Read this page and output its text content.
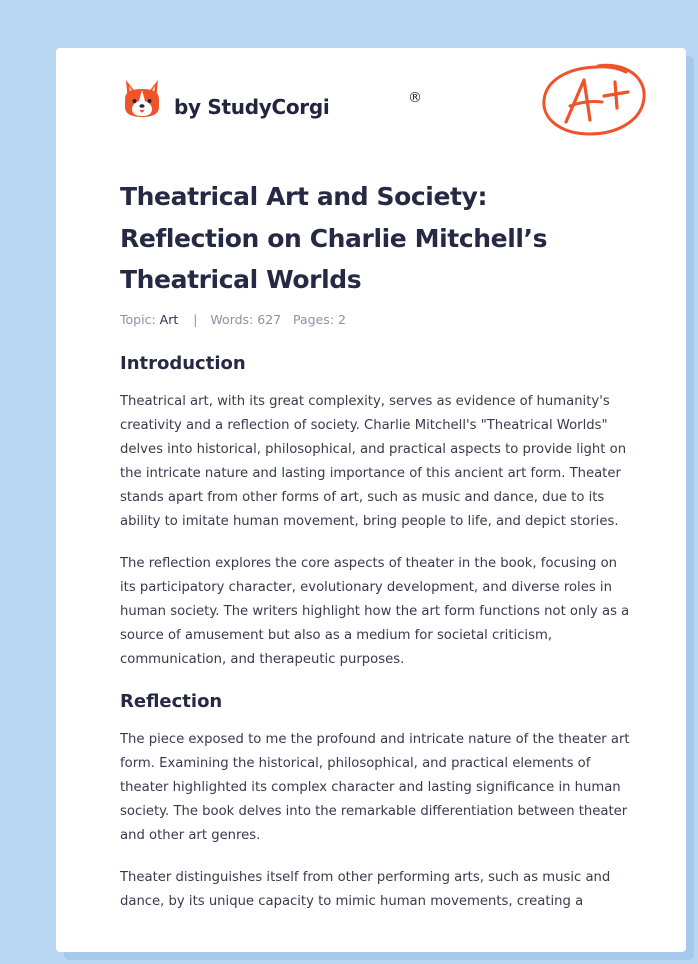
by StudyCorgi	®
Theatrical Art and Society: Reflection on Charlie Mitchell’s Theatrical Worlds
Topic: Art | Words: 627 Pages: 2
Introduction

Theatrical art, with its great complexity, serves as evidence of humanity's creativity and a reflection of society. Charlie Mitchell's "Theatrical Worlds" delves into historical, philosophical, and practical aspects to provide light on the intricate nature and lasting importance of this ancient art form. Theater stands apart from other forms of art, such as music and dance, due to its ability to imitate human movement, bring people to life, and depict stories.

The reflection explores the core aspects of theater in the book, focusing on its participatory character, evolutionary development, and diverse roles in human society. The writers highlight how the art form functions not only as a source of amusement but also as a medium for societal criticism, communication, and therapeutic purposes.

Reflection

The piece exposed to me the profound and intricate nature of the theater art form. Examining the historical, philosophical, and practical elements of theater highlighted its complex character and lasting significance in human society. The book delves into the remarkable differentiation between theater and other art genres.

Theater distinguishes itself from other performing arts, such as music and dance, by its unique capacity to mimic human movements, creating a
